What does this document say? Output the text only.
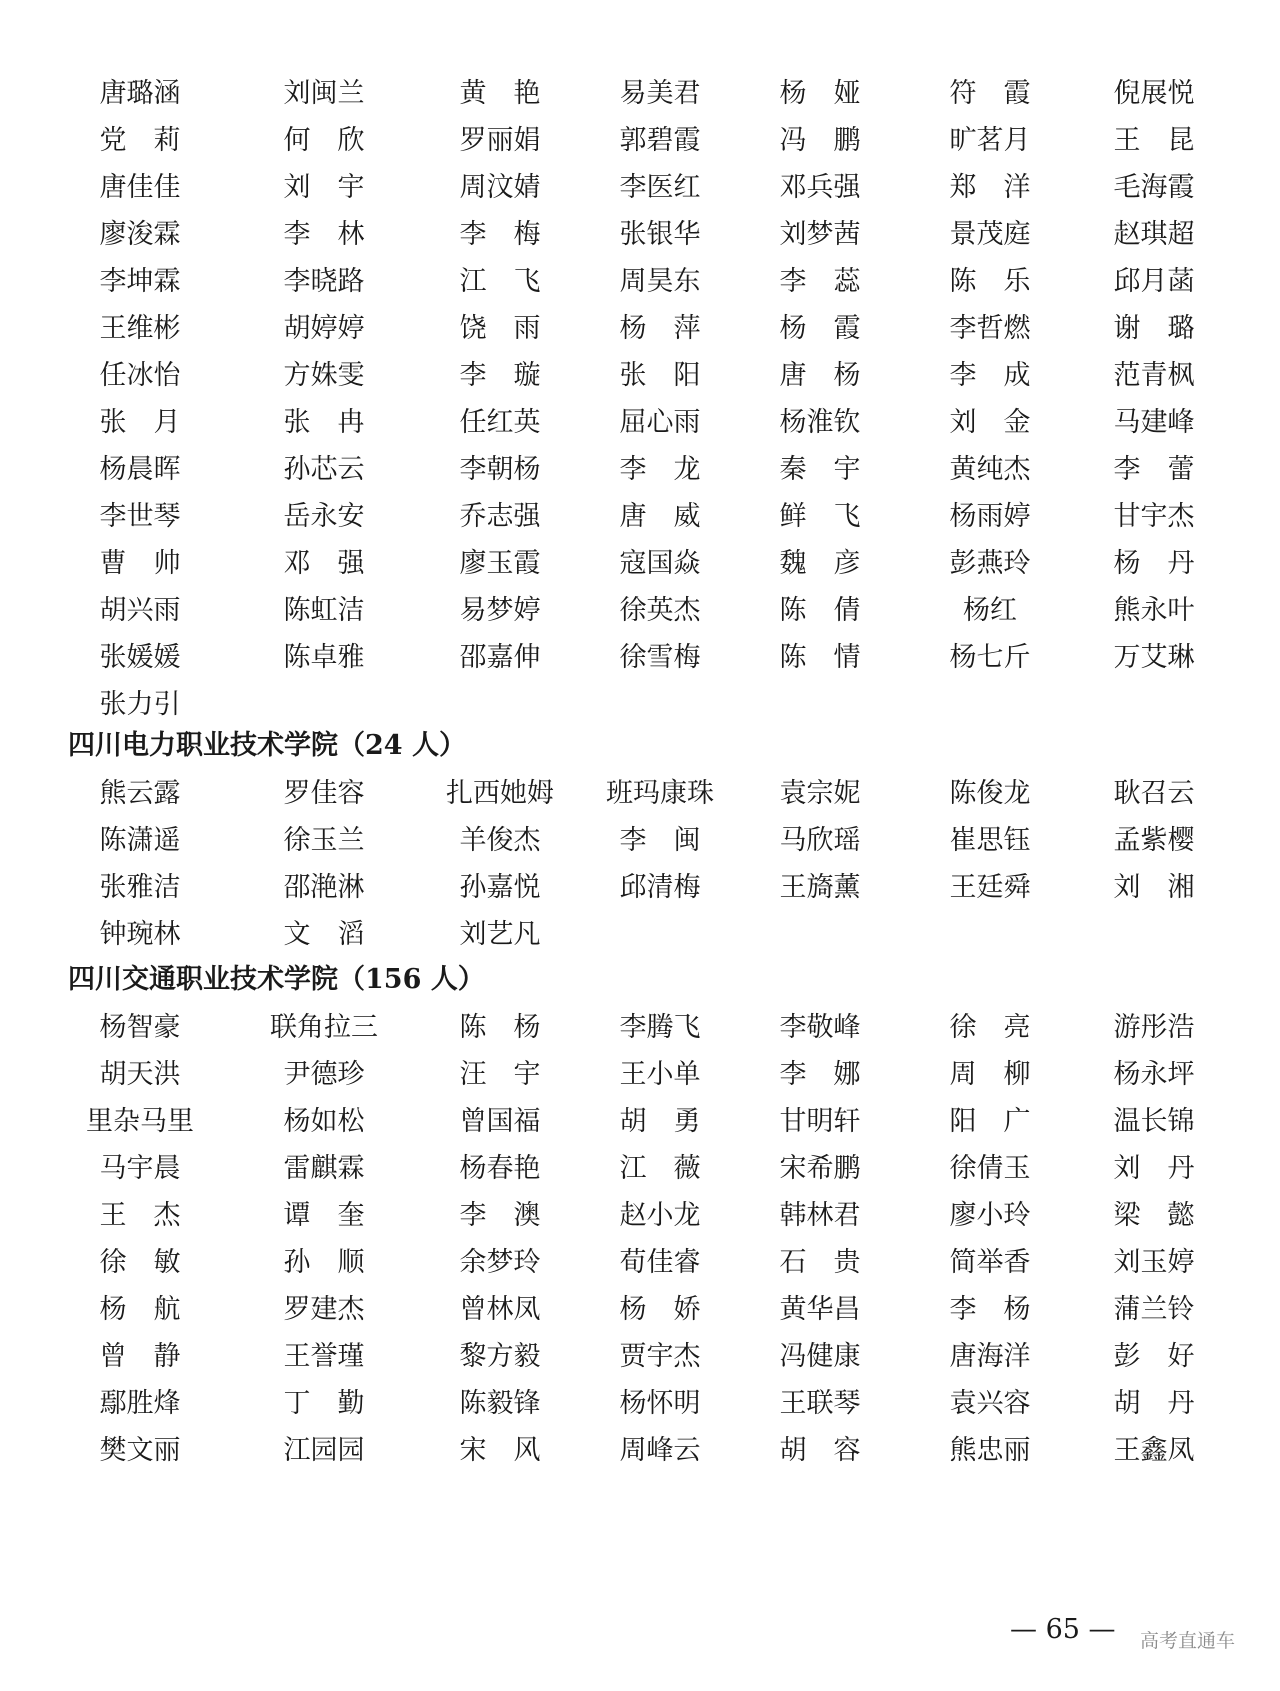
唐璐涵	刘闽兰	黄　艳	易美君	杨　娅	符　霞	倪展悦
党　莉	何　欣	罗丽娟	郭碧霞	冯　鹏	旷茗月	王　昆
唐佳佳	刘　宇	周汶婧	李医红	邓兵强	郑　洋	毛海霞
廖浚霖	李　林	李　梅	张银华	刘梦茜	景茂庭	赵琪超
李坤霖	李晓路	江　飞	周昊东	李　蕊	陈　乐	邱月菡
王维彬	胡婷婷	饶　雨	杨　萍	杨　霞	李哲燃	谢　璐
任冰怡	方姝雯	李　璇	张　阳	唐　杨	李　成	范青枫
张　月	张　冉	任红英	屈心雨	杨淮钦	刘　金	马建峰
杨晨晖	孙芯云	李朝杨	李　龙	秦　宇	黄纯杰	李　蕾
李世琴	岳永安	乔志强	唐　威	鲜　飞	杨雨婷	甘宇杰
曹　帅	邓　强	廖玉霞	寇国焱	魏　彦	彭燕玲	杨　丹
胡兴雨	陈虹洁	易梦婷	徐英杰	陈　倩	杨红	熊永叶
张媛媛	陈卓雅	邵嘉伸	徐雪梅	陈　情	杨七斤	万艾琳
张力引
四川电力职业技术学院（24 人）
熊云露	罗佳容	扎西她姆 班玛康珠	袁宗妮	陈俊龙	耿召云
陈潇遥	徐玉兰	羊俊杰	李　闽	马欣瑶	崔思钰	孟紫樱
张雅洁	邵滟淋	孙嘉悦	邱清梅	王旖薰	王廷舜	刘　湘
钟琬林	文　滔	刘艺凡
四川交通职业技术学院（156 人）
杨智豪	联角拉三	陈　杨	李腾飞	李敬峰	徐　亮	游彤浩
胡天洪	尹德珍	汪　宇	王小单	李　娜	周　柳	杨永坪
里杂马里	杨如松	曾国福	胡　勇	甘明轩	阳　广	温长锦
马宇晨	雷麒霖	杨春艳	江　薇	宋希鹏	徐倩玉	刘　丹
王　杰	谭　奎	李　澳	赵小龙	韩林君	廖小玲	梁　懿
徐　敏	孙　顺	余梦玲	荀佳睿	石　贵	简举香	刘玉婷
杨　航	罗建杰	曾林凤	杨　娇	黄华昌	李　杨	蒲兰铃
曾　静	王誉瑾	黎方毅	贾宇杰	冯健康	唐海洋	彭　好
鄢胜烽	丁　勤	陈毅锋	杨怀明	王联琴	袁兴容	胡　丹
樊文丽	江园园	宋　风	周峰云	胡　容	熊忠丽	王鑫凤
— 65 — 高考直通车
